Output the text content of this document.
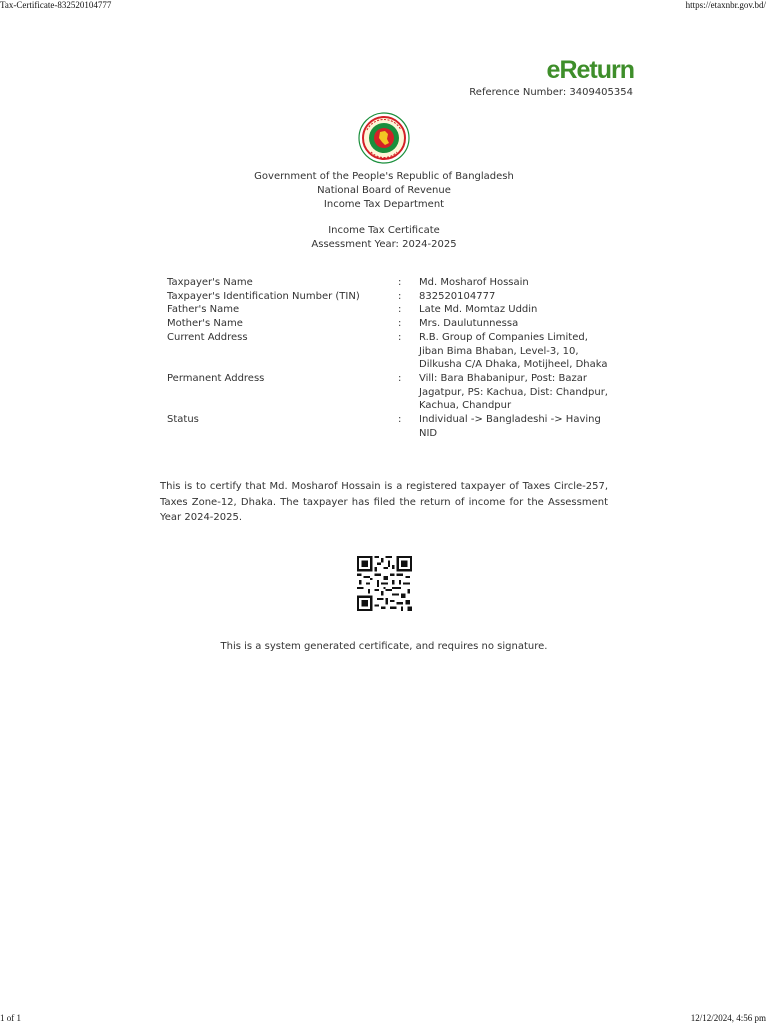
Tax-Certificate-832520104777	https://etaxnbr.gov.bd/
eReturn
Reference Number: 3409405354
Government of the People's Republic of Bangladesh
National Board of Revenue
Income Tax Department
Income Tax Certificate
Assessment Year: 2024-2025
Taxpayer's Name	:	Md. Mosharof Hossain
Taxpayer's Identification Number (TIN)	:	832520104777
Father's Name	:	Late Md. Momtaz Uddin
Mother's Name	:	Mrs. Daulutunnessa
Current Address	:	R.B. Group of Companies Limited, Jiban Bima Bhaban, Level-3, 10, Dilkusha C/A Dhaka, Motijheel, Dhaka
Permanent Address	:	Vill: Bara Bhabanipur, Post: Bazar Jagatpur, PS: Kachua, Dist: Chandpur, Kachua, Chandpur
Status	:	Individual -> Bangladeshi -> Having NID
This is to certify that Md. Mosharof Hossain is a registered taxpayer of Taxes Circle-257, Taxes Zone-12, Dhaka. The taxpayer has filed the return of income for the Assessment Year 2024-2025.
This is a system generated certificate, and requires no signature.
1 of 1	12/12/2024, 4:56 pm
